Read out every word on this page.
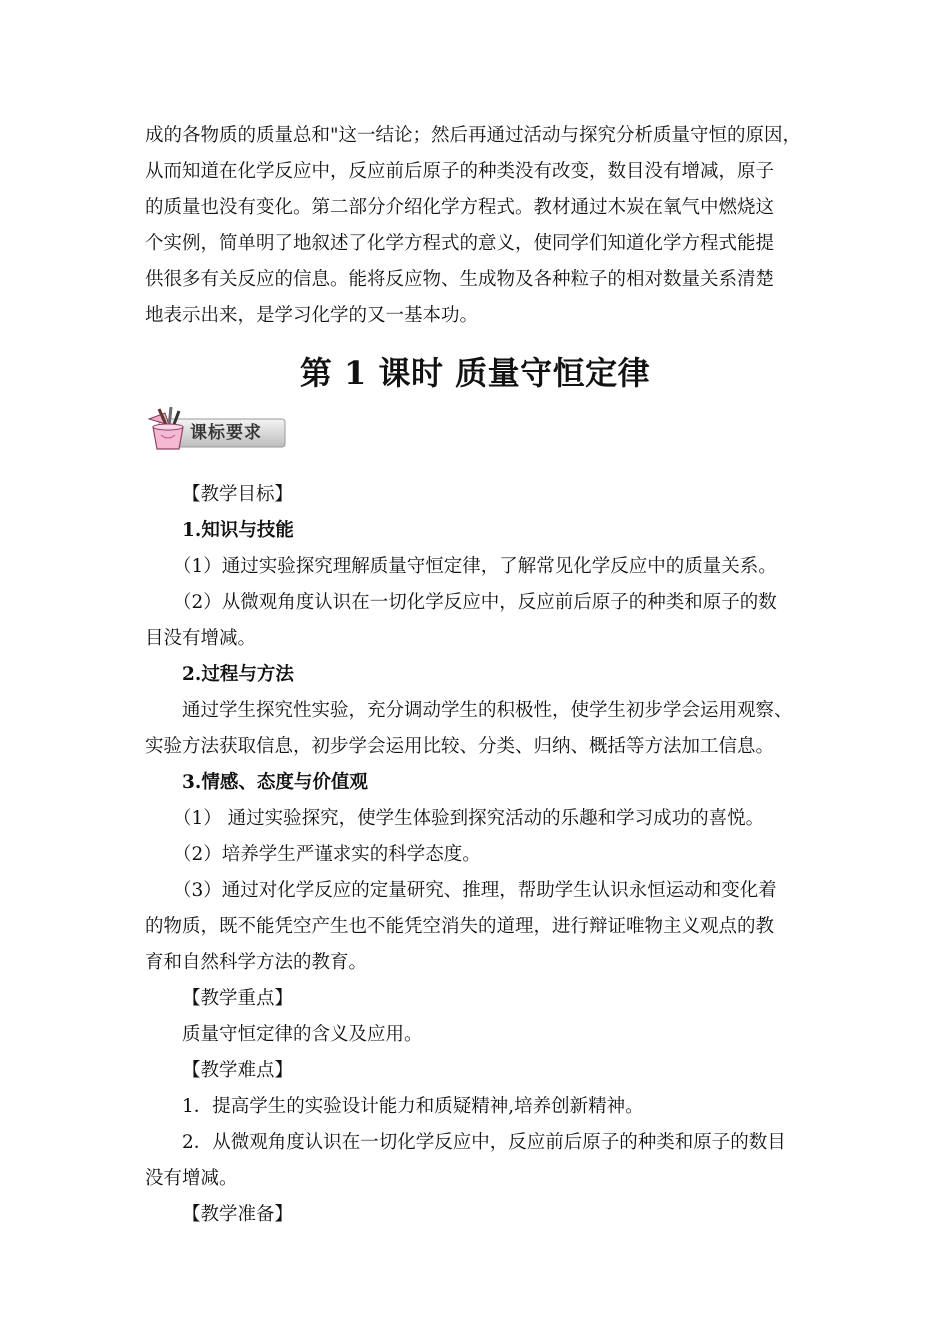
成的各物质的质量总和"这一结论；然后再通过活动与探究分析质量守恒的原因，
从而知道在化学反应中，反应前后原子的种类没有改变，数目没有增减，原子
的质量也没有变化。第二部分介绍化学方程式。教材通过木炭在氧气中燃烧这
个实例，简单明了地叙述了化学方程式的意义，使同学们知道化学方程式能提
供很多有关反应的信息。能将反应物、生成物及各种粒子的相对数量关系清楚
地表示出来，是学习化学的又一基本功。
第 1 课时 质量守恒定律
课标要求
【教学目标】
1.知识与技能
（1）通过实验探究理解质量守恒定律，了解常见化学反应中的质量关系。
（2）从微观角度认识在一切化学反应中，反应前后原子的种类和原子的数
目没有增减。
2.过程与方法
通过学生探究性实验，充分调动学生的积极性，使学生初步学会运用观察、
实验方法获取信息，初步学会运用比较、分类、归纳、概括等方法加工信息。
3.情感、态度与价值观
（1） 通过实验探究，使学生体验到探究活动的乐趣和学习成功的喜悦。
（2）培养学生严谨求实的科学态度。
（3）通过对化学反应的定量研究、推理，帮助学生认识永恒运动和变化着
的物质，既不能凭空产生也不能凭空消失的道理，进行辩证唯物主义观点的教
育和自然科学方法的教育。
【教学重点】
质量守恒定律的含义及应用。
【教学难点】
1．提高学生的实验设计能力和质疑精神,培养创新精神。
2．从微观角度认识在一切化学反应中，反应前后原子的种类和原子的数目
没有增减。
【教学准备】
